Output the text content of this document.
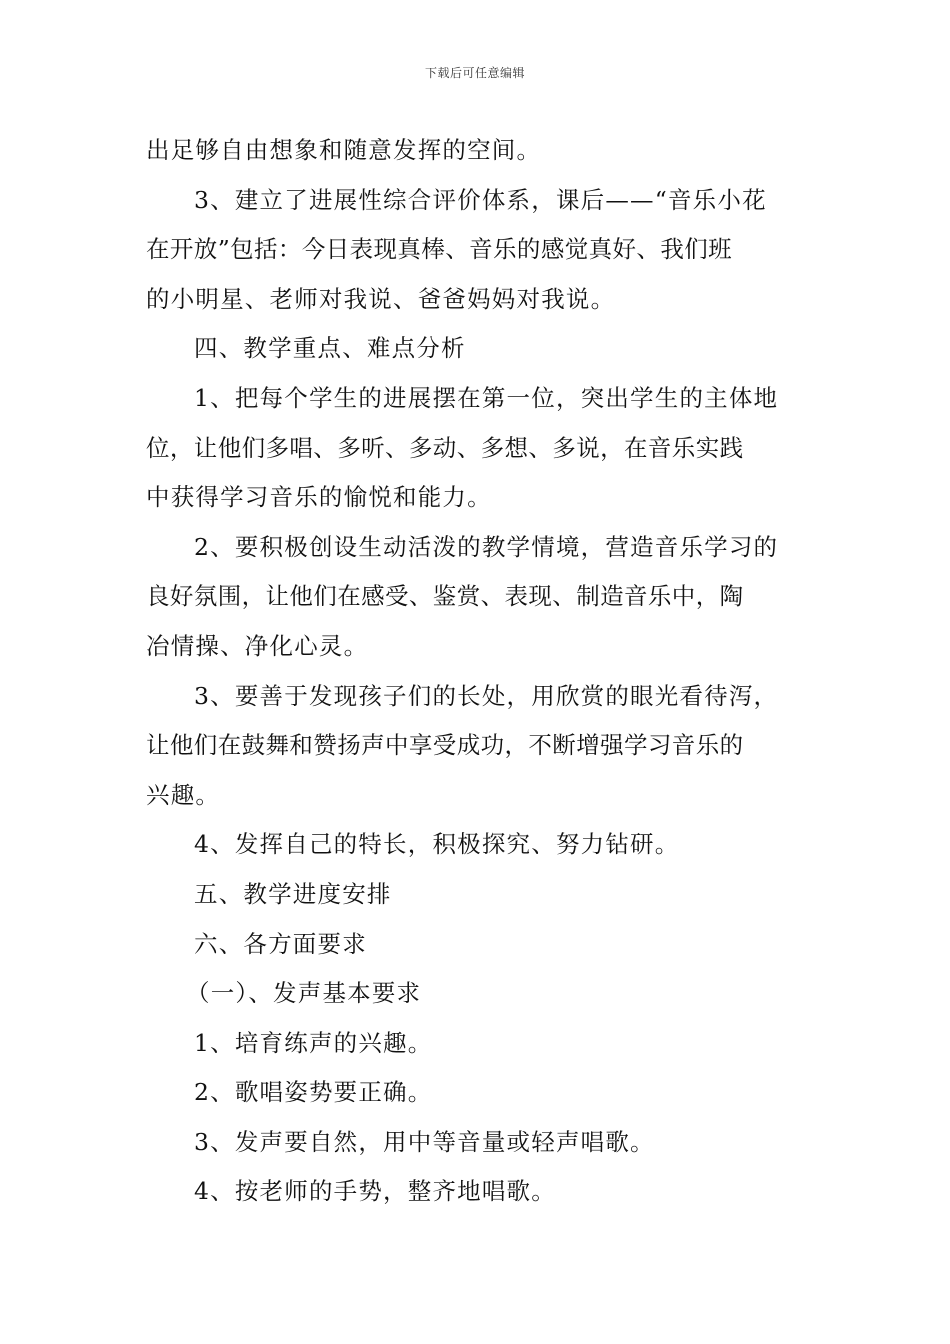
下载后可任意编辑
出足够自由想象和随意发挥的空间。
3、建立了进展性综合评价体系，课后——“音乐小花
在开放”包括：今日表现真棒、音乐的感觉真好、我们班
的小明星、老师对我说、爸爸妈妈对我说。
四、教学重点、难点分析
1、把每个学生的进展摆在第一位，突出学生的主体地
位，让他们多唱、多听、多动、多想、多说，在音乐实践
中获得学习音乐的愉悦和能力。
2、要积极创设生动活泼的教学情境，营造音乐学习的
良好氛围，让他们在感受、鉴赏、表现、制造音乐中，陶
冶情操、净化心灵。
3、要善于发现孩子们的长处，用欣赏的眼光看待泻，
让他们在鼓舞和赞扬声中享受成功，不断增强学习音乐的
兴趣。
4、发挥自己的特长，积极探究、努力钻研。
五、教学进度安排
六、各方面要求
（一）、发声基本要求
1、培育练声的兴趣。
2、歌唱姿势要正确。
3、发声要自然，用中等音量或轻声唱歌。
4、按老师的手势，整齐地唱歌。
